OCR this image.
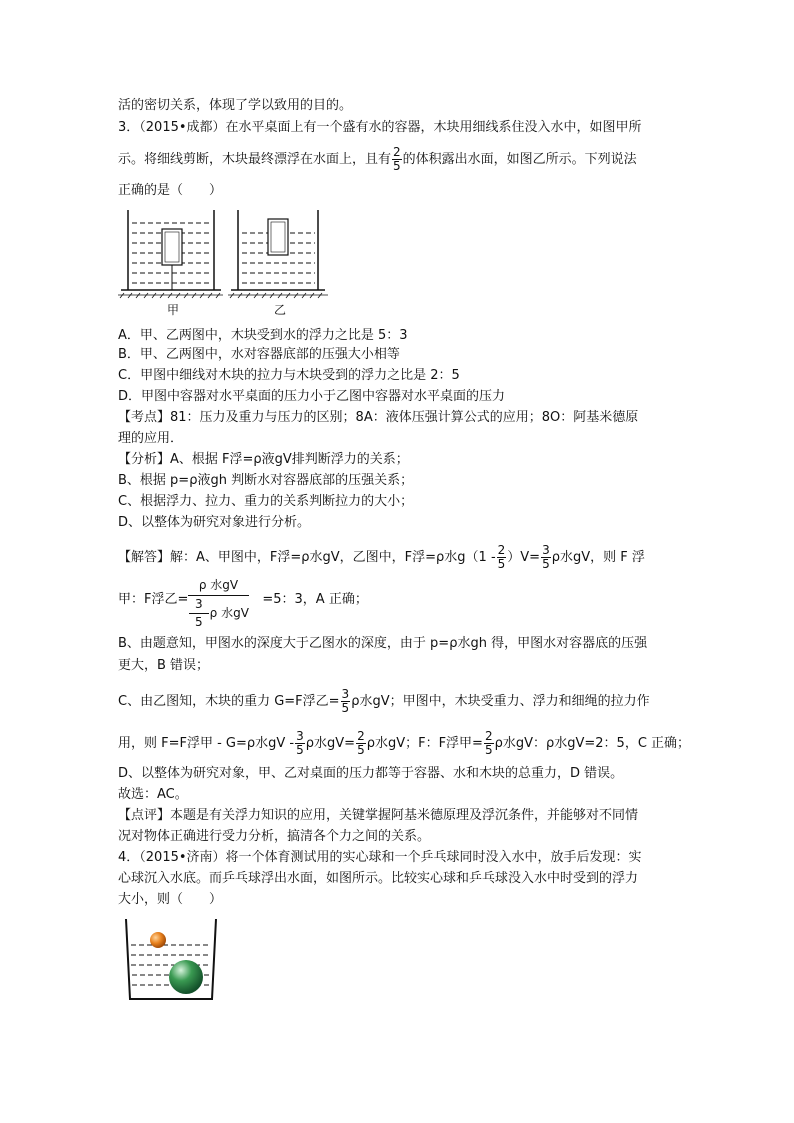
活的密切关系，体现了学以致用的目的。
3．（2015•成都）在水平桌面上有一个盛有水的容器，木块用细线系住没入水中，如图甲所
示。将细线剪断，木块最终漂浮在水面上，且有 $\frac{2}{5}$ 的体积露出水面，如图乙所示。下列说法
正确的是（　　）
甲	乙
A．甲、乙两图中，木块受到水的浮力之比是 5：3
B．甲、乙两图中，水对容器底部的压强大小相等
C．甲图中细线对木块的拉力与木块受到的浮力之比是 2：5
D．甲图中容器对水平桌面的压力小于乙图中容器对水平桌面的压力
【考点】81：压力及重力与压力的区别；8A：液体压强计算公式的应用；8O：阿基米德原
理的应用．
【分析】A、根据 F浮=ρ液gV排判断浮力的关系；
B、根据 p=ρ液gh 判断水对容器底部的压强关系；
C、根据浮力、拉力、重力的关系判断拉力的大小；
D、以整体为研究对象进行分析。
【解答】解：A、甲图中，F浮=ρ水gV，乙图中，F浮=ρ水$g(1 - \frac{2}{5} )V= \frac{3}{5}$ ρ水gV，则 F 浮
甲：F浮乙=	=5：3，A 正确；
ρ 水gV
$\frac{3}{5}$ ρ 水gV
B、由题意知，甲图水的深度大于乙图水的深度，由于 p=ρ水gh 得，甲图水对容器底的压强
更大，B 错误；
C、由乙图知，木块的重力 G=F浮乙= $\frac{3}{5}$ ρ水gV；甲图中，木块受重力、浮力和细绳的拉力作
用，则 F=F浮甲 - G=ρ水gV - $\frac{3}{5}$ ρ水$gV= \frac{2}{5}$ ρ水gV；F：F浮甲= $\frac{2}{5}$ ρ水gV：ρ水gV=2：5，C 正确；
D、以整体为研究对象，甲、乙对桌面的压力都等于容器、水和木块的总重力，D 错误。
故选：AC。
【点评】本题是有关浮力知识的应用，关键掌握阿基米德原理及浮沉条件，并能够对不同情
况对物体正确进行受力分析，搞清各个力之间的关系。
4．（2015•济南）将一个体育测试用的实心球和一个乒乓球同时没入水中，放手后发现：实
心球沉入水底。而乒乓球浮出水面，如图所示。比较实心球和乒乓球没入水中时受到的浮力
大小，则（　　）
